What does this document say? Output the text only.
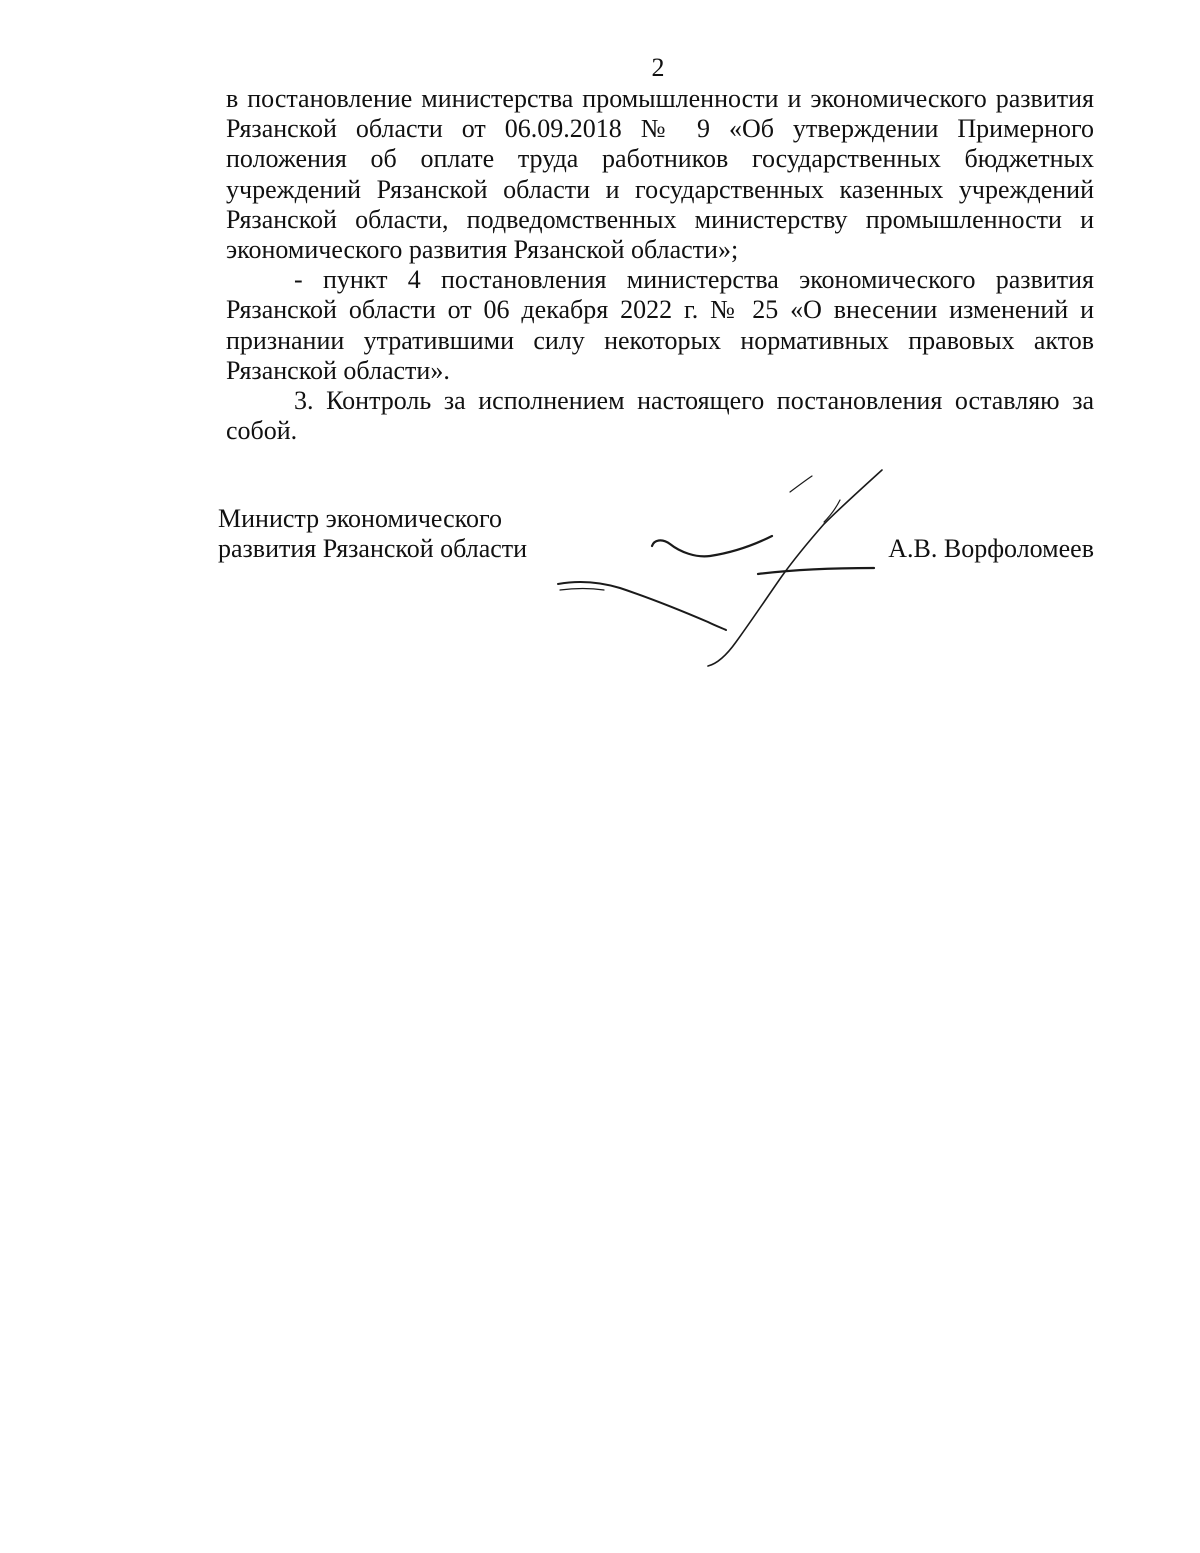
2

в постановление министерства промышленности и экономического развития Рязанской области от 06.09.2018 № 9 «Об утверждении Примерного положения об оплате труда работников государственных бюджетных учреждений Рязанской области и государственных казенных учреждений Рязанской области, подведомственных министерству промышленности и экономического развития Рязанской области»;

- пункт 4 постановления министерства экономического развития Рязанской области от 06 декабря 2022 г. № 25 «О внесении изменений и признании утратившими силу некоторых нормативных правовых актов Рязанской области».

3. Контроль за исполнением настоящего постановления оставляю за собой.

Министр экономического
развития Рязанской области	А.В. Ворфоломеев
